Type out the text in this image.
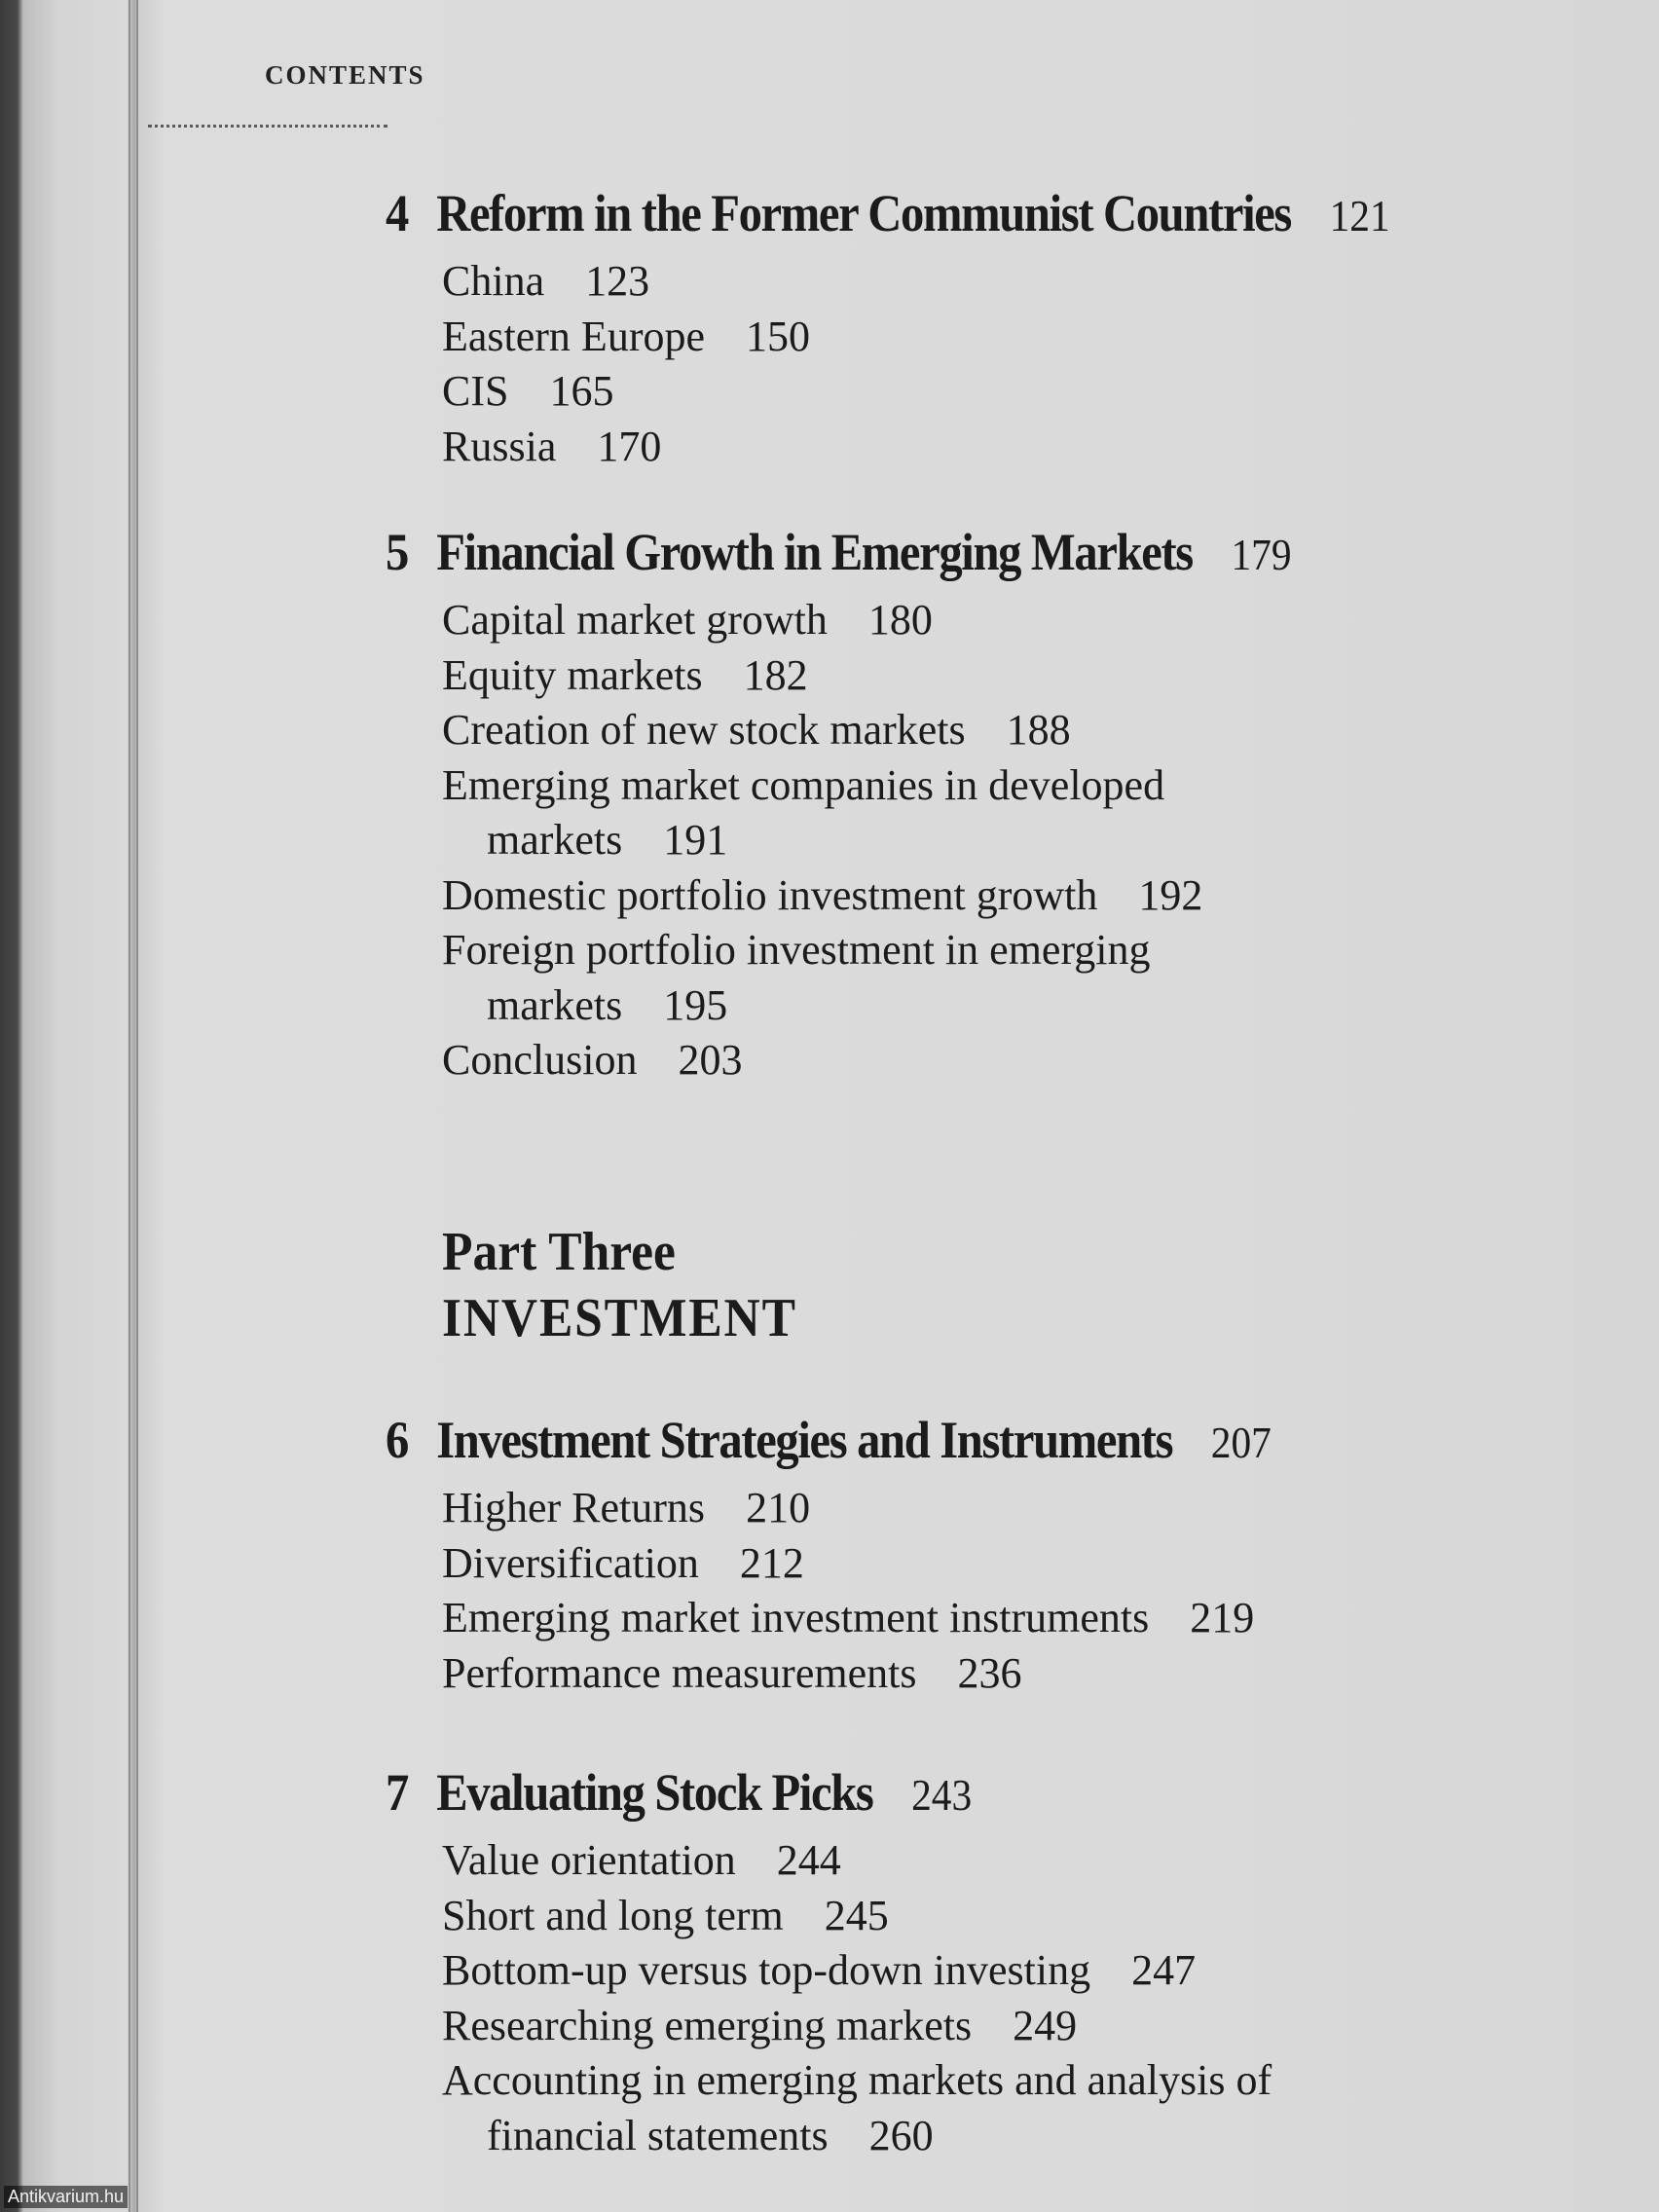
CONTENTS
4 Reform in the Former Communist Countries 121
China 123
Eastern Europe 150
CIS 165
Russia 170
5 Financial Growth in Emerging Markets 179
Capital market growth 180
Equity markets 182
Creation of new stock markets 188
Emerging market companies in developed
markets 191
Domestic portfolio investment growth 192
Foreign portfolio investment in emerging
markets 195
Conclusion 203
Part Three
INVESTMENT
6 Investment Strategies and Instruments 207
Higher Returns 210
Diversification 212
Emerging market investment instruments 219
Performance measurements 236
7 Evaluating Stock Picks 243
Value orientation 244
Short and long term 245
Bottom-up versus top-down investing 247
Researching emerging markets 249
Accounting in emerging markets and analysis of
financial statements 260
Antikvarium.hu
